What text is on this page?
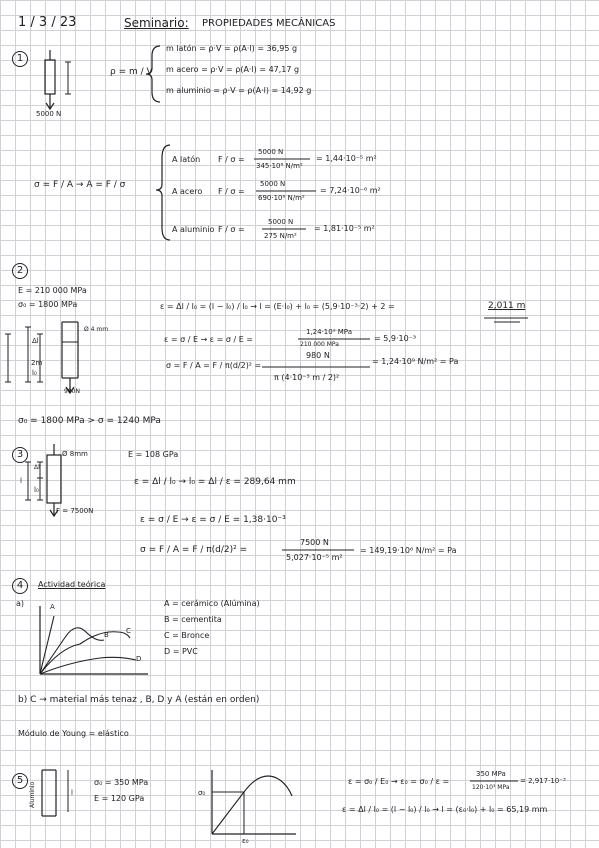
1 / 3 / 23	Seminario: PROPIEDADES MECÁNICAS
1
5000 N
ρ = m / V
m latón = ρ·V = ρ(A·l) = 36,95 g
m acero = ρ·V = ρ(A·l) = 47,17 g
m aluminio = ρ·V = ρ(A·l) = 14,92 g
σ = F / A → A = F / σ
A latón F / σ =
5000 N
345·10⁶ N/m²
= 1,44·10⁻⁵ m²
A acero F / σ =
5000 N
690·10⁶ N/m²
= 7,24·10⁻⁶ m²
A aluminio F / σ =
5000 N
275 N/m²
= 1,81·10⁻⁵ m²
2
E = 210 000 MPa
σ₀ = 1800 MPa
Ø 4 mm
Δl
2m
l₀
980N
ε = Δl / l₀ = (l − l₀) / l₀ → l = (E·l₀) + l₀ = (5,9·10⁻³·2) + 2 =	2,011 m
ε = σ / E → ε = σ / E =
1,24·10⁹ MPa
210 000 MPa
= 5,9·10⁻³
σ = F / A = F / π(d/2)² =
980 N
π (4·10⁻³ m / 2)²
= 1,24·10⁹ N/m² = Pa
σ₀ = 1800 MPa > σ = 1240 MPa
3	Ø 8mm
Δl
l
l₀
F = 7500N
E = 108 GPa
ε = Δl / l₀ → l₀ = Δl / ε = 289,64 mm
ε = σ / E → ε = σ / E = 1,38·10⁻³
σ = F / A = F / π(d/2)² =
7500 N
5,027·10⁻⁵ m²
= 149,19·10⁶ N/m² = Pa
4	Actividad teórica
a)	A
B C
D
A = cerámico (Alúmina)
B = cementita
C = Bronce
D = PVC
b) C → material más tenaz , B, D y A (están en orden)
Módulo de Young = elástico
5
Aluminio	l
σ₀ = 350 MPa
E = 120 GPa
σ₀
ε₀
ε = σ₀ / E₀ → ε₀ = σ₀ / ε =
350 MPa
120·10³ MPa
= 2,917·10⁻³
ε = Δl / l₀ = (l − l₀) / l₀ → l = (ε₀·l₀) + l₀ = 65,19 mm
